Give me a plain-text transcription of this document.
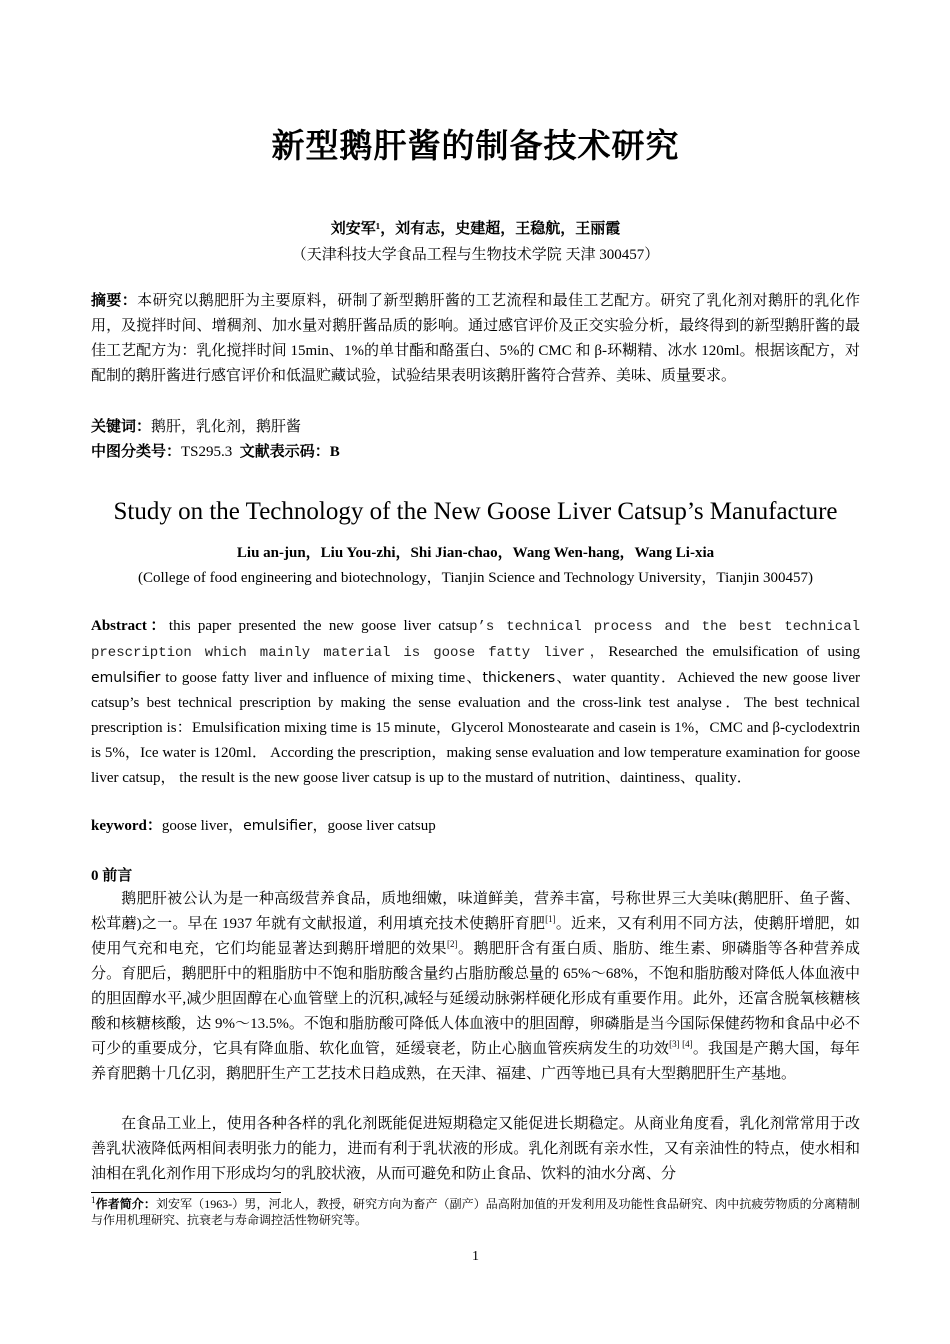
新型鹅肝酱的制备技术研究
刘安军¹，刘有志，史建超，王稳航，王丽霞
（天津科技大学食品工程与生物技术学院 天津 300457）

摘要：本研究以鹅肥肝为主要原料，研制了新型鹅肝酱的工艺流程和最佳工艺配方。研究了乳化剂对鹅肝的乳化作用，及搅拌时间、增稠剂、加水量对鹅肝酱品质的影响。通过感官评价及正交实验分析，最终得到的新型鹅肝酱的最佳工艺配方为：乳化搅拌时间 15min、1%的单甘酯和酪蛋白、5%的 CMC 和 β-环糊精、冰水 120ml。根据该配方，对配制的鹅肝酱进行感官评价和低温贮藏试验，试验结果表明该鹅肝酱符合营养、美味、质量要求。

关键词：鹅肝，乳化剂，鹅肝酱
中图分类号：TS295.3 文献表示码：B
Study on the Technology of the New Goose Liver Catsup’s Manufacture
Liu an-jun，Liu You-zhi，Shi Jian-chao，Wang Wen-hang，Wang Li-xia
(College of food engineering and biotechnology，Tianjin Science and Technology University，Tianjin 300457)

Abstract：this paper presented the new goose liver catsup’s technical process and the best technical prescription which mainly material is goose fatty liver，Researched the emulsification of using emulsifier to goose fatty liver and influence of mixing time、thickeners、water quantity．Achieved the new goose liver catsup’s best technical prescription by making the sense evaluation and the cross-link test analyse．The best technical prescription is：Emulsification mixing time is 15 minute，Glycerol Monostearate and casein is 1%，CMC and β-cyclodextrin is 5%，Ice water is 120ml． According the prescription，making sense evaluation and low temperature examination for goose liver catsup， the result is the new goose liver catsup is up to the mustard of nutrition、daintiness、quality．

keyword：goose liver，emulsifier，goose liver catsup
0 前言

鹅肥肝被公认为是一种高级营养食品，质地细嫩，味道鲜美，营养丰富，号称世界三大美味(鹅肥肝、鱼子酱、松茸蘑)之一。早在 1937 年就有文献报道，利用填充技术使鹅肝育肥[1]。近来，又有利用不同方法，使鹅肝增肥，如使用气充和电充，它们均能显著达到鹅肝增肥的效果[2]。鹅肥肝含有蛋白质、脂肪、维生素、卵磷脂等各种营养成分。育肥后，鹅肥肝中的粗脂肪中不饱和脂肪酸含量约占脂肪酸总量的 65%～68%，不饱和脂肪酸对降低人体血液中的胆固醇水平,减少胆固醇在心血管壁上的沉积,减轻与延缓动脉粥样硬化形成有重要作用。此外，还富含脱氧核糖核酸和核糖核酸，达 9%～13.5%。不饱和脂肪酸可降低人体血液中的胆固醇，卵磷脂是当今国际保健药物和食品中必不可少的重要成分，它具有降血脂、软化血管，延缓衰老，防止心脑血管疾病发生的功效[3] [4]。我国是产鹅大国，每年养育肥鹅十几亿羽，鹅肥肝生产工艺技术日趋成熟，在天津、福建、广西等地已具有大型鹅肥肝生产基地。

在食品工业上，使用各种各样的乳化剂既能促进短期稳定又能促进长期稳定。从商业角度看，乳化剂常常用于改善乳状液降低两相间表明张力的能力，进而有利于乳状液的形成。乳化剂既有亲水性，又有亲油性的特点，使水相和油相在乳化剂作用下形成均匀的乳胶状液，从而可避免和防止食品、饮料的油水分离、分

$^1$作者简介：刘安军（1963-）男，河北人，教授，研究方向为畜产（副产）品高附加值的开发利用及功能性食品研究、肉中抗疲劳物质的分离精制与作用机理研究、抗衰老与寿命调控活性物研究等。
1
